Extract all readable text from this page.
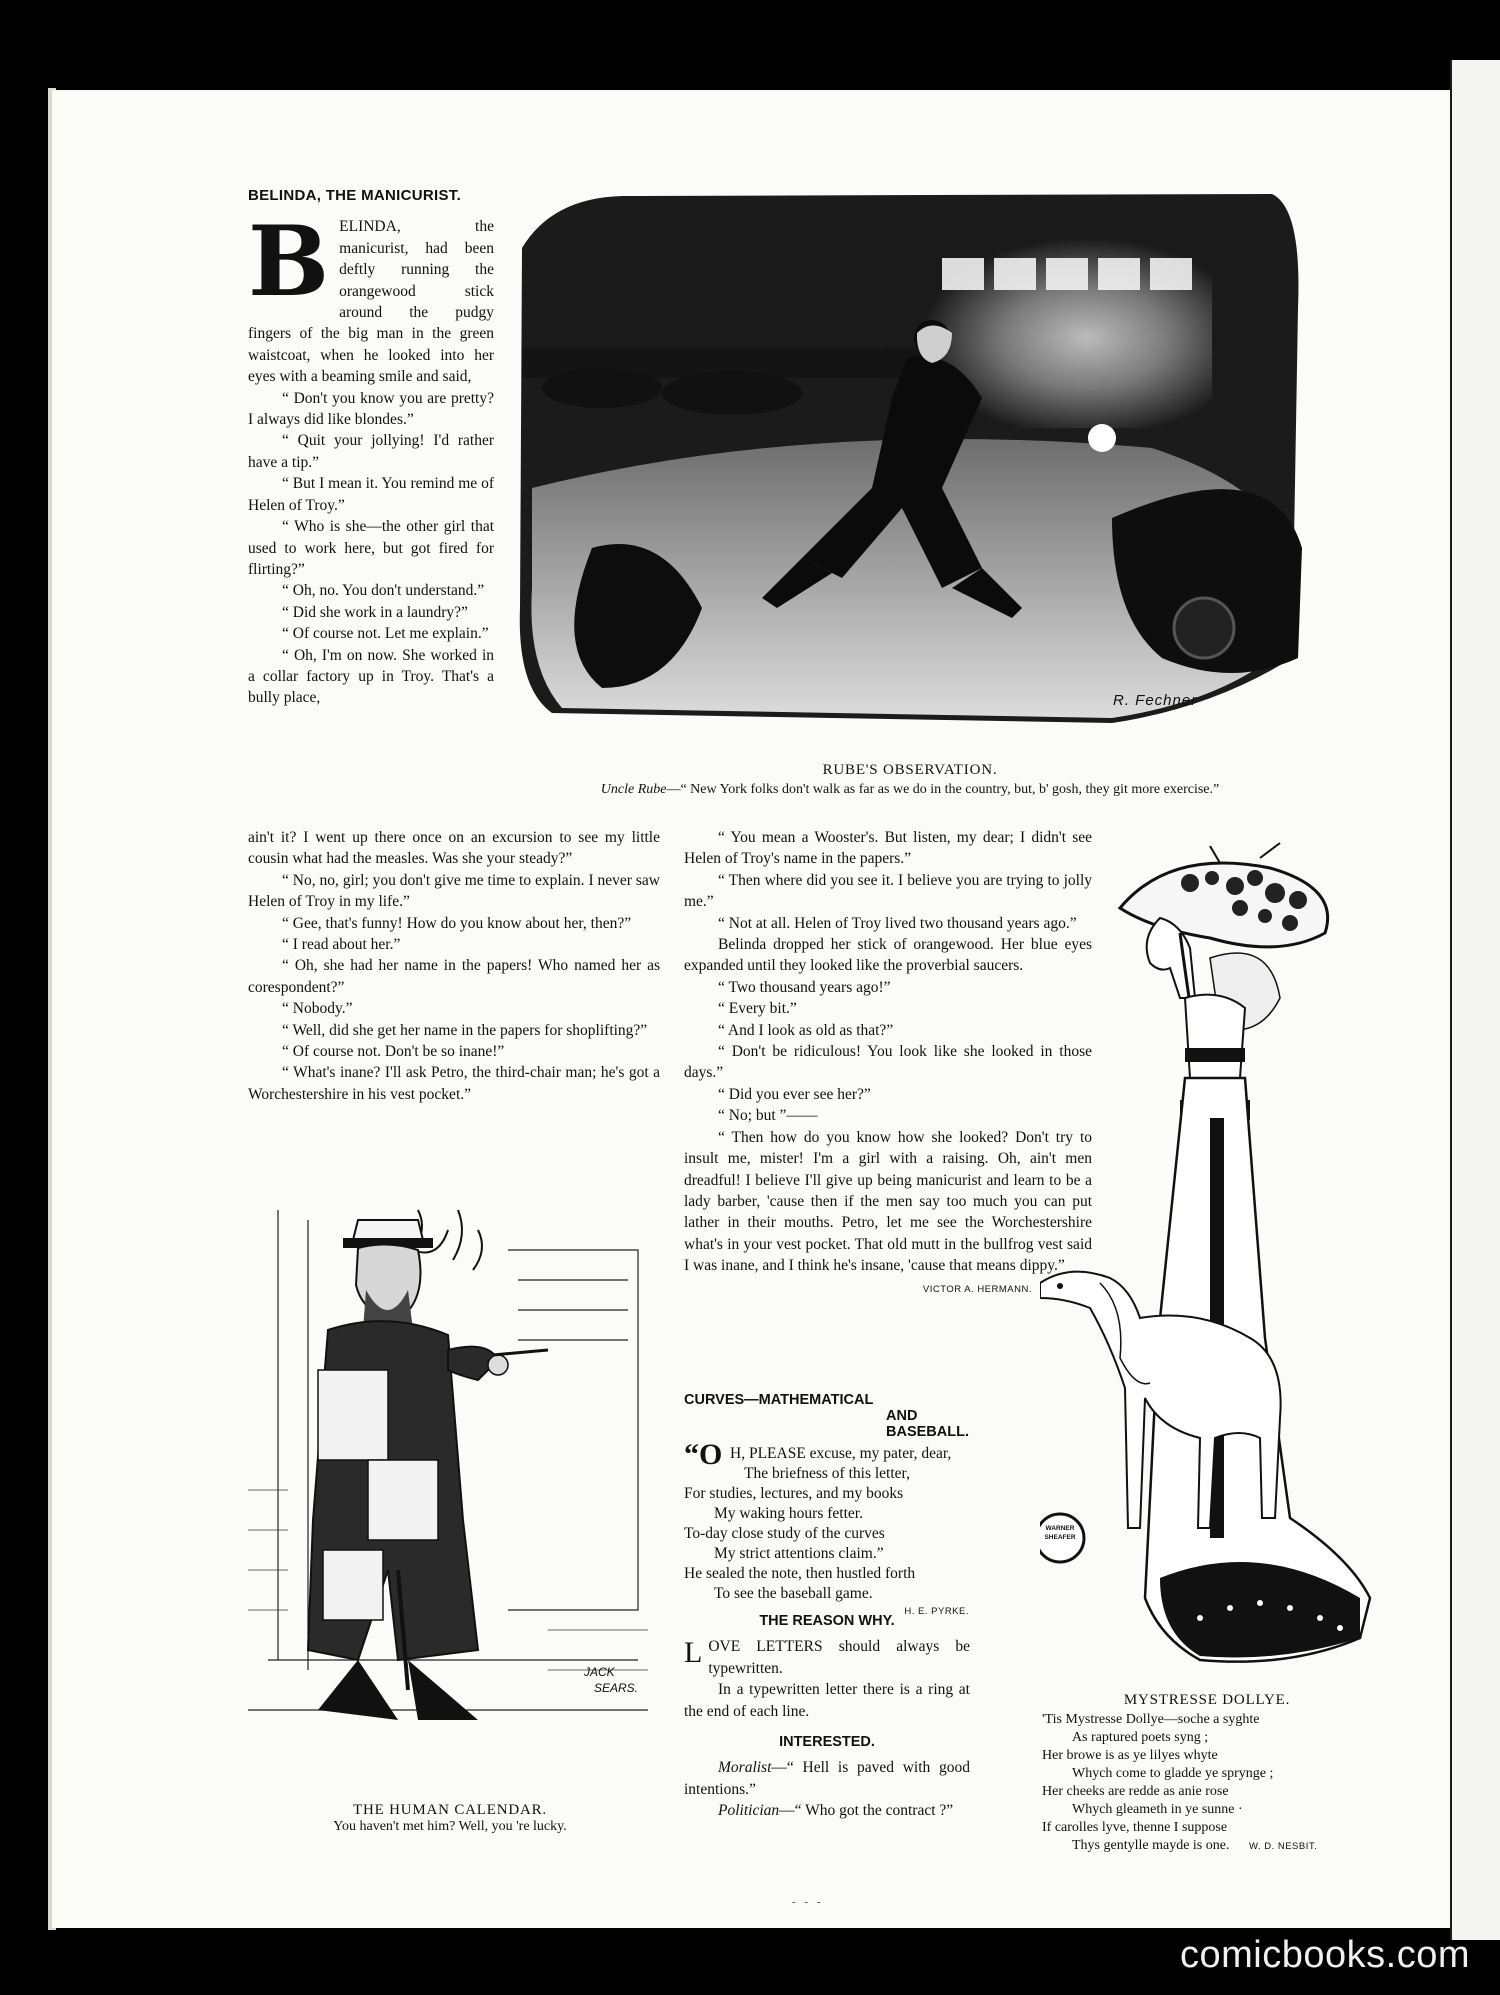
BELINDA, THE MANICURIST.

BELINDA, the manicurist, had been deftly running the orangewood stick around the pudgy fingers of the big man in the green waistcoat, when he looked into her eyes with a beaming smile and said,

“ Don't you know you are pretty? I always did like blondes.”

“ Quit your jollying! I'd rather have a tip.”

“ But I mean it. You remind me of Helen of Troy.”

“ Who is she—the other girl that used to work here, but got fired for flirting?”

“ Oh, no. You don't understand.”

“ Did she work in a laundry?”

“ Of course not. Let me explain.”

“ Oh, I'm on now. She worked in a collar factory up in Troy. That's a bully place,	R. Fechner
RUBE'S OBSERVATION.
Uncle Rube—“ New York folks don't walk as far as we do in the country, but, b' gosh, they git more exercise.”

ain't it? I went up there once on an excursion to see my little cousin what had the measles. Was she your steady?”

“ No, no, girl; you don't give me time to explain. I never saw Helen of Troy in my life.”

“ Gee, that's funny! How do you know about her, then?”

“ I read about her.”

“ Oh, she had her name in the papers! Who named her as corespondent?”

“ Nobody.”

“ Well, did she get her name in the papers for shoplifting?”

“ Of course not. Don't be so inane!”

“ What's inane? I'll ask Petro, the third-chair man; he's got a Worchestershire in his vest pocket.”

“ You mean a Wooster's. But listen, my dear; I didn't see Helen of Troy's name in the papers.”

“ Then where did you see it. I believe you are trying to jolly me.”

“ Not at all. Helen of Troy lived two thousand years ago.”

Belinda dropped her stick of orangewood. Her blue eyes expanded until they looked like the proverbial saucers.

“ Two thousand years ago!”

“ Every bit.”

“ And I look as old as that?”

“ Don't be ridiculous! You look like she looked in those days.”

“ Did you ever see her?”

“ No; but ”——

“ Then how do you know how she looked? Don't try to insult me, mister! I'm a girl with a raising. Oh, ain't men dreadful! I believe I'll give up being manicurist and learn to be a lady barber, 'cause then if the men say too much you can put lather in their mouths. Petro, let me see the Worchestershire what's in your vest pocket. That old mutt in the bullfrog vest said I was inane, and I think he's insane, 'cause that means dippy.”

VICTOR A. HERMANN.
JACK
SEARS.
THE HUMAN CALENDAR.
You haven't met him? Well, you 're lucky.
CURVES—MATHEMATICAL
AND BASEBALL.
“O H, PLEASE excuse, my pater, dear,

The briefness of this letter,

For studies, lectures, and my books

My waking hours fetter.

To-day close study of the curves

My strict attentions claim.”

He sealed the note, then hustled forth

To see the baseball game.

H. E. PYRKE.
THE REASON WHY.

LOVE LETTERS should always be typewritten.

In a typewritten letter there is a ring at the end of each line.

INTERESTED.

Moralist—“ Hell is paved with good intentions.”

Politician—“ Who got the contract ?”

- - -
WARNER
SHEAFER
MYSTRESSE DOLLYE.

'Tis Mystresse Dollye—soche a syghte

As raptured poets syng ;

Her browe is as ye lilyes whyte

Whych come to gladde ye sprynge ;

Her cheeks are redde as anie rose

Whych gleameth in ye sunne ·

If carolles lyve, thenne I suppose

Thys gentylle mayde is one. W. D. NESBIT.

comicbooks.com
